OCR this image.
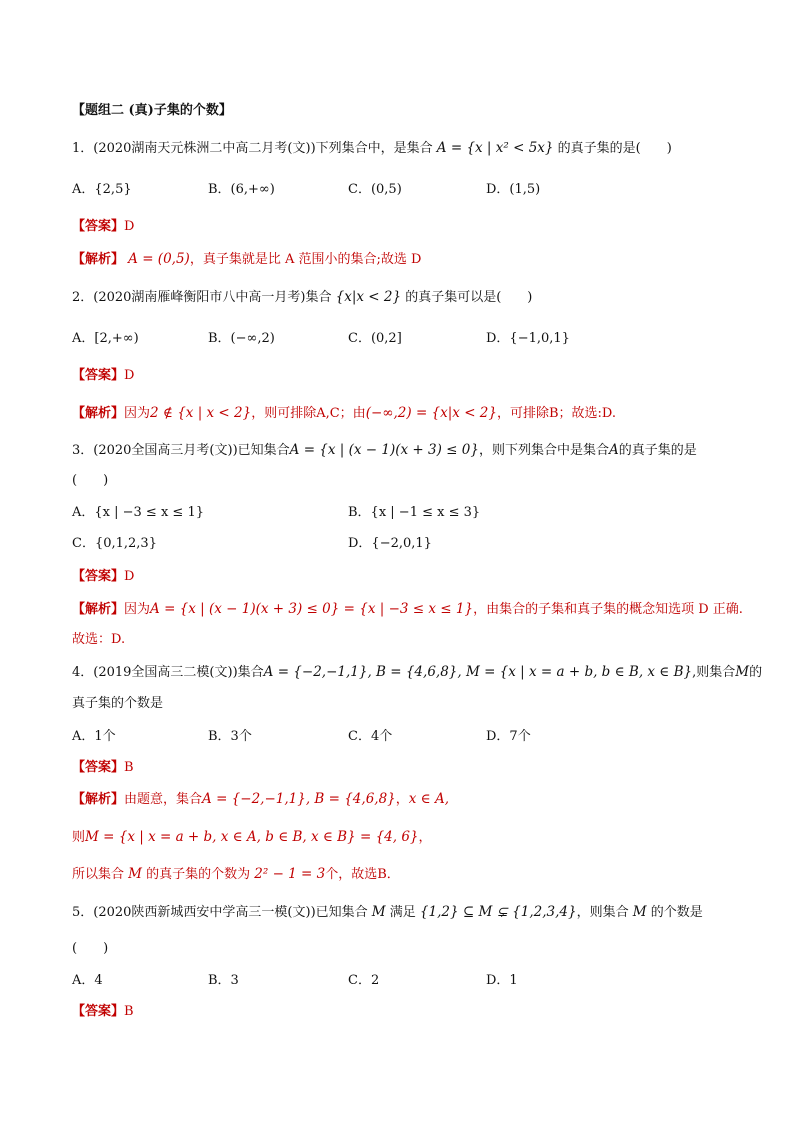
【题组二 (真)子集的个数】
1．(2020湖南天元株洲二中高二月考(文))下列集合中，是集合 A = {x | x² < 5x} 的真子集的是(　　)
A．{2,5}	B．(6,+∞)	C．(0,5)	D．(1,5)
【答案】D
【解析】 A = (0,5)，真子集就是比 A 范围小的集合;故选 D
2．(2020湖南雁峰衡阳市八中高一月考)集合 {x|x < 2} 的真子集可以是(　　)
A．[2,+∞)	B．(−∞,2)	C．(0,2]	D．{−1,0,1}
【答案】D
【解析】因为2 ∉ {x | x < 2}，则可排除A,C；由(−∞,2) = {x|x < 2}，可排除B；故选:D.
3．(2020全国高三月考(文))已知集合A = {x | (x − 1)(x + 3) ≤ 0}，则下列集合中是集合A的真子集的是
(　　)
A．{x | −3 ≤ x ≤ 1}	B．{x | −1 ≤ x ≤ 3}
C．{0,1,2,3}	D．{−2,0,1}
【答案】D
【解析】因为A = {x | (x − 1)(x + 3) ≤ 0} = {x | −3 ≤ x ≤ 1}，由集合的子集和真子集的概念知选项 D 正确.
故选：D.
4．(2019全国高三二模(文))集合A = {−2,−1,1}, B = {4,6,8}, M = {x | x = a + b, b ∈ B, x ∈ B},则集合M的
真子集的个数是
A．1个	B．3个	C．4个	D．7个
【答案】B
【解析】由题意，集合A = {−2,−1,1}, B = {4,6,8}，x ∈ A,
则M = {x | x = a + b, x ∈ A, b ∈ B, x ∈ B} = {4, 6}，
所以集合 M 的真子集的个数为 2² − 1 = 3个，故选B．
5．(2020陕西新城西安中学高三一模(文))已知集合 M 满足 {1,2} ⊆ M ⊊ {1,2,3,4}，则集合 M 的个数是
(　　)
A．4	B．3	C．2	D．1
【答案】B
